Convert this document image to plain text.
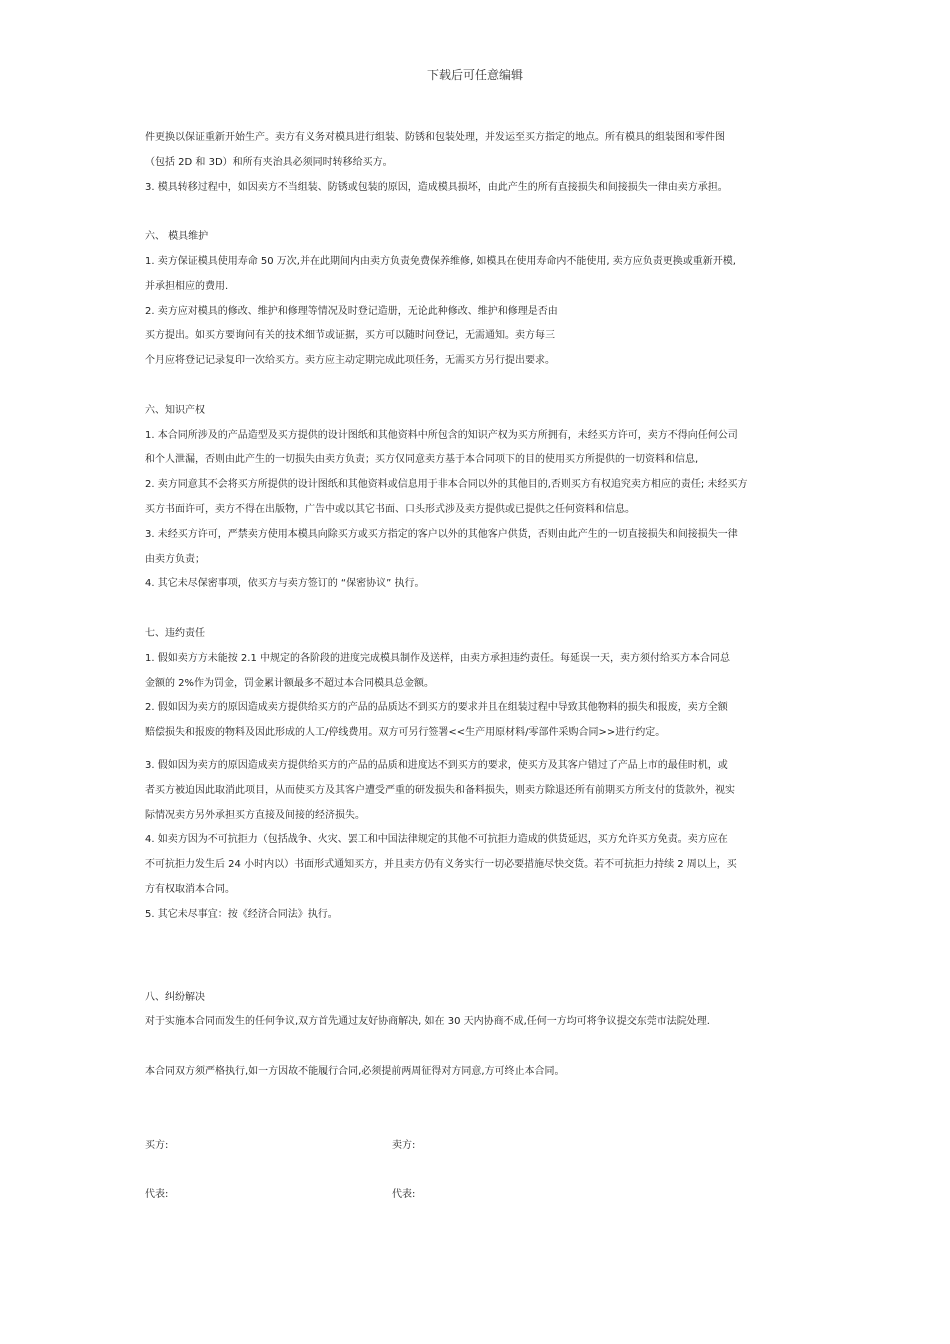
下载后可任意编辑
件更换以保证重新开始生产。卖方有义务对模具进行组装、防锈和包装处理，并发运至买方指定的地点。所有模具的组装图和零件图
（包括 2D 和 3D）和所有夹治具必须同时转移给买方。
3. 模具转移过程中，如因卖方不当组装、防锈或包装的原因，造成模具损坏，由此产生的所有直接损失和间接损失一律由卖方承担。
六、 模具维护
1. 卖方保证模具使用寿命 50 万次,并在此期间内由卖方负责免费保养维修, 如模具在使用寿命内不能使用, 卖方应负责更换或重新开模,
并承担相应的费用.
2. 卖方应对模具的修改、维护和修理等情况及时登记造册，无论此种修改、维护和修理是否由
买方提出。如买方要询问有关的技术细节或证据，买方可以随时问登记，无需通知。卖方每三
个月应将登记记录复印一次给买方。卖方应主动定期完成此项任务，无需买方另行提出要求。
六、知识产权
1. 本合同所涉及的产品造型及买方提供的设计图纸和其他资料中所包含的知识产权为买方所拥有，未经买方许可，卖方不得向任何公司
和个人泄漏，否则由此产生的一切损失由卖方负责；买方仅同意卖方基于本合同项下的目的使用买方所提供的一切资料和信息,
2. 卖方同意其不会将买方所提供的设计图纸和其他资料或信息用于非本合同以外的其他目的,否则买方有权追究卖方相应的责任; 未经买方
买方书面许可，卖方不得在出版物，广告中或以其它书面、口头形式涉及卖方提供或已提供之任何资料和信息。
3. 未经买方许可，严禁卖方使用本模具向除买方或买方指定的客户以外的其他客户供货，否则由此产生的一切直接损失和间接损失一律
由卖方负责；
4. 其它未尽保密事项，依买方与卖方签订的 “保密协议” 执行。
七、违约责任
1. 假如卖方方未能按 2.1 中规定的各阶段的进度完成模具制作及送样，由卖方承担违约责任。每延误一天，卖方须付给买方本合同总
金额的 2%作为罚金，罚金累计额最多不超过本合同模具总金额。
2. 假如因为卖方的原因造成卖方提供给买方的产品的品质达不到买方的要求并且在组装过程中导致其他物料的损失和报废，卖方全额
赔偿损失和报废的物料及因此形成的人工/停线费用。双方可另行签署<<生产用原材料/零部件采购合同>>进行约定。
3. 假如因为卖方的原因造成卖方提供给买方的产品的品质和进度达不到买方的要求，使买方及其客户错过了产品上市的最佳时机，或
者买方被迫因此取消此项目，从而使买方及其客户遭受严重的研发损失和备料损失，则卖方除退还所有前期买方所支付的货款外，视实
际情况卖方另外承担买方直接及间接的经济损失。
4. 如卖方因为不可抗拒力（包括战争、火灾、罢工和中国法律规定的其他不可抗拒力造成的供货延迟，买方允许买方免责。卖方应在
不可抗拒力发生后 24 小时内以）书面形式通知买方，并且卖方仍有义务实行一切必要措施尽快交货。若不可抗拒力持续 2 周以上，买
方有权取消本合同。
5. 其它未尽事宜：按《经济合同法》执行。
八、纠纷解决
对于实施本合同而发生的任何争议,双方首先通过友好协商解决, 如在 30 天内协商不成,任何一方均可将争议提交东莞市法院处理.
本合同双方须严格执行,如一方因故不能履行合同,必须提前两周征得对方同意,方可终止本合同。
买方:	卖方:
代表:	代表:
